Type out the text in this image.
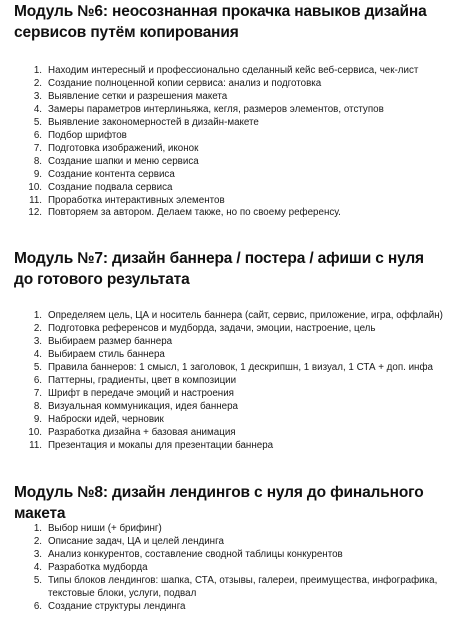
Модуль №6: неосознанная прокачка навыков дизайна сервисов путём копирования
1. Находим интересный и профессионально сделанный кейс веб-сервиса, чек-лист
2. Создание полноценной копии сервиса: анализ и подготовка
3. Выявление сетки и разрешения макета
4. Замеры параметров интерлиньяжа, кегля, размеров элементов, отступов
5. Выявление закономерностей в дизайн-макете
6. Подбор шрифтов
7. Подготовка изображений, иконок
8. Создание шапки и меню сервиса
9. Создание контента сервиса
10. Создание подвала сервиса
11. Проработка интерактивных элементов
12. Повторяем за автором. Делаем также, но по своему референсу.
Модуль №7: дизайн баннера / постера / афиши с нуля до готового результата
1. Определяем цель, ЦА и носитель баннера (сайт, сервис, приложение, игра, оффлайн)
2. Подготовка референсов и мудборда, задачи, эмоции, настроение, цель
3. Выбираем размер баннера
4. Выбираем стиль баннера
5. Правила баннеров: 1 смысл, 1 заголовок, 1 дескрипшн, 1 визуал, 1 СТА + доп. инфа
6. Паттерны, градиенты, цвет в композиции
7. Шрифт в передаче эмоций и настроения
8. Визуальная коммуникация, идея баннера
9. Наброски идей, черновик
10. Разработка дизайна + базовая анимация
11. Презентация и мокапы для презентации баннера
Модуль №8: дизайн лендингов с нуля до финального макета
1. Выбор ниши (+ брифинг)
2. Описание задач, ЦА и целей лендинга
3. Анализ конкурентов, составление сводной таблицы конкурентов
4. Разработка мудборда
5. Типы блоков лендингов: шапка, СТА, отзывы, галереи, преимущества, инфографика, текстовые блоки, услуги, подвал
6. Создание структуры лендинга
